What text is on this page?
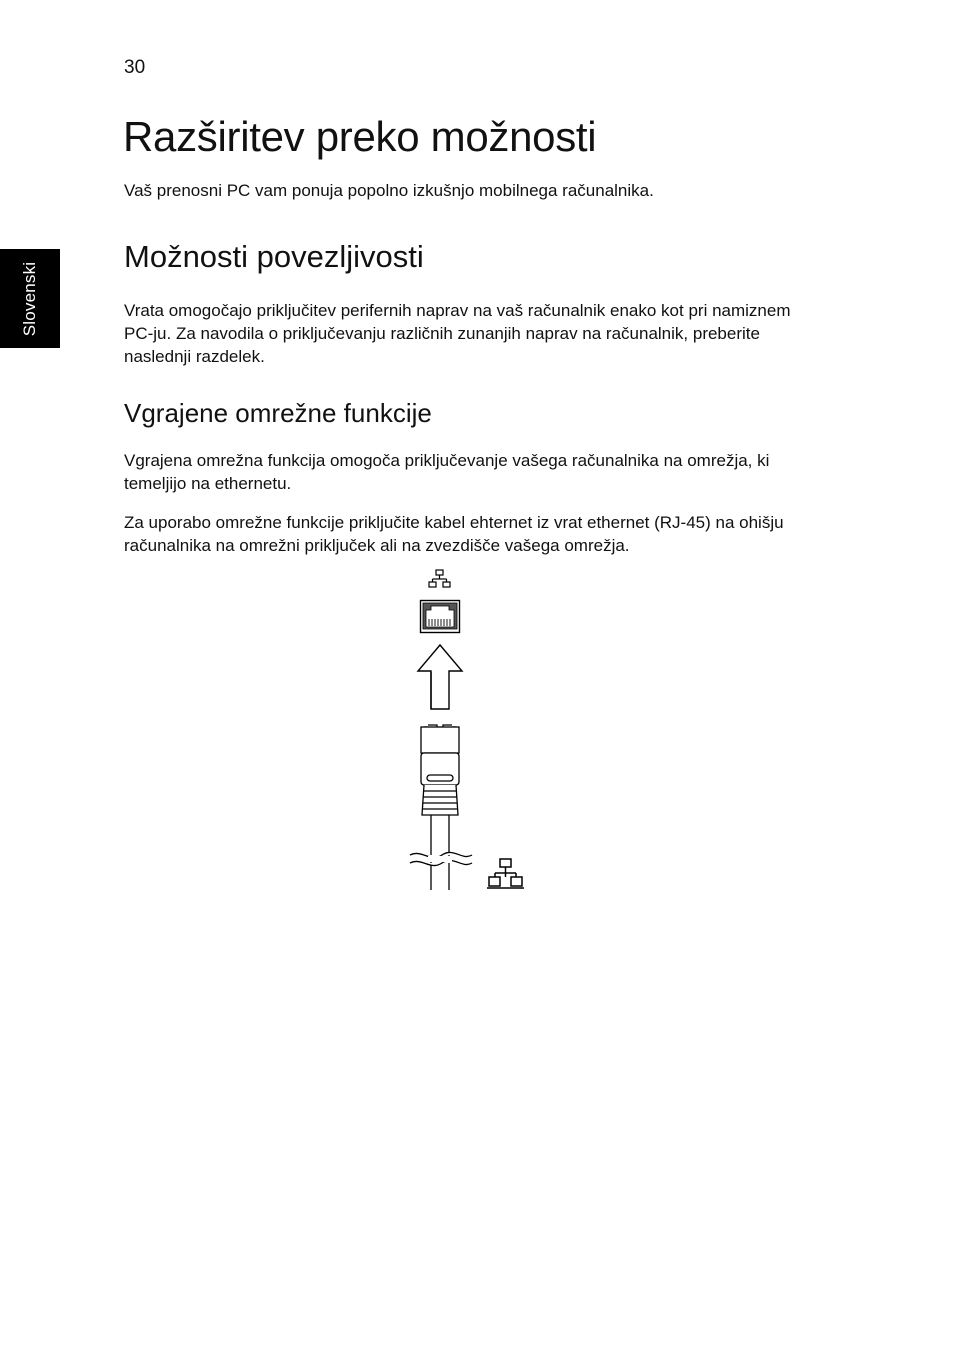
30
Slovenski
Razširitev preko možnosti

Vaš prenosni PC vam ponuja popolno izkušnjo mobilnega računalnika.

Možnosti povezljivosti

Vrata omogočajo priključitev perifernih naprav na vaš računalnik enako kot pri namiznem PC-ju. Za navodila o priključevanju različnih zunanjih naprav na računalnik, preberite naslednji razdelek.

Vgrajene omrežne funkcije

Vgrajena omrežna funkcija omogoča priključevanje vašega računalnika na omrežja, ki temeljijo na ethernetu.

Za uporabo omrežne funkcije priključite kabel ehternet iz vrat ethernet (RJ-45) na ohišju računalnika na omrežni priključek ali na zvezdišče vašega omrežja.
